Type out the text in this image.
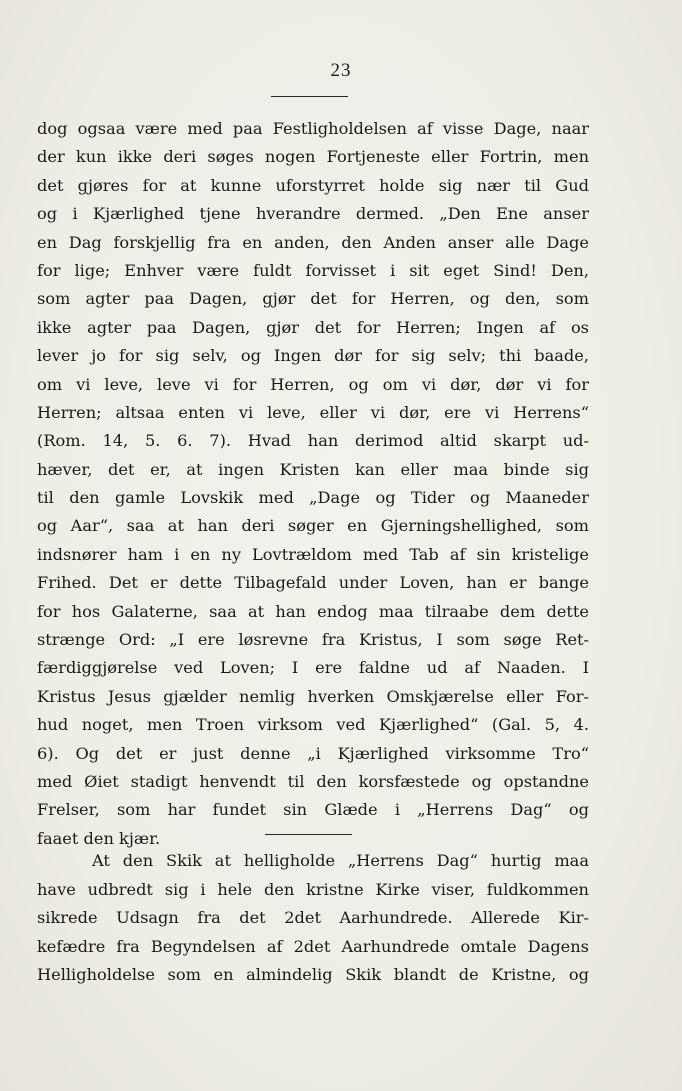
23
dog ogsaa være med paa Festligholdelsen af visse Dage, naar
der kun ikke deri søges nogen Fortjeneste eller Fortrin, men
det gjøres for at kunne uforstyrret holde sig nær til Gud
og i Kjærlighed tjene hverandre dermed. „Den Ene anser
en Dag forskjellig fra en anden, den Anden anser alle Dage
for lige; Enhver være fuldt forvisset i sit eget Sind! Den,
som agter paa Dagen, gjør det for Herren, og den, som
ikke agter paa Dagen, gjør det for Herren; Ingen af os
lever jo for sig selv, og Ingen dør for sig selv; thi baade,
om vi leve, leve vi for Herren, og om vi dør, dør vi for
Herren; altsaa enten vi leve, eller vi dør, ere vi Herrens“
(Rom. 14, 5. 6. 7). Hvad han derimod altid skarpt ud-
hæver, det er, at ingen Kristen kan eller maa binde sig
til den gamle Lovskik med „Dage og Tider og Maaneder
og Aar“, saa at han deri søger en Gjerningshellighed, som
indsnører ham i en ny Lovtrældom med Tab af sin kristelige
Frihed. Det er dette Tilbagefald under Loven, han er bange
for hos Galaterne, saa at han endog maa tilraabe dem dette
strænge Ord: „I ere løsrevne fra Kristus, I som søge Ret-
færdiggjørelse ved Loven; I ere faldne ud af Naaden. I
Kristus Jesus gjælder nemlig hverken Omskjærelse eller For-
hud noget, men Troen virksom ved Kjærlighed“ (Gal. 5, 4.
6). Og det er just denne „i Kjærlighed virksomme Tro“
med Øiet stadigt henvendt til den korsfæstede og opstandne
Frelser, som har fundet sin Glæde i „Herrens Dag“ og
faaet den kjær.
At den Skik at helligholde „Herrens Dag“ hurtig maa
have udbredt sig i hele den kristne Kirke viser, fuldkommen
sikrede Udsagn fra det 2det Aarhundrede. Allerede Kir-
kefædre fra Begyndelsen af 2det Aarhundrede omtale Dagens
Helligholdelse som en almindelig Skik blandt de Kristne, og
